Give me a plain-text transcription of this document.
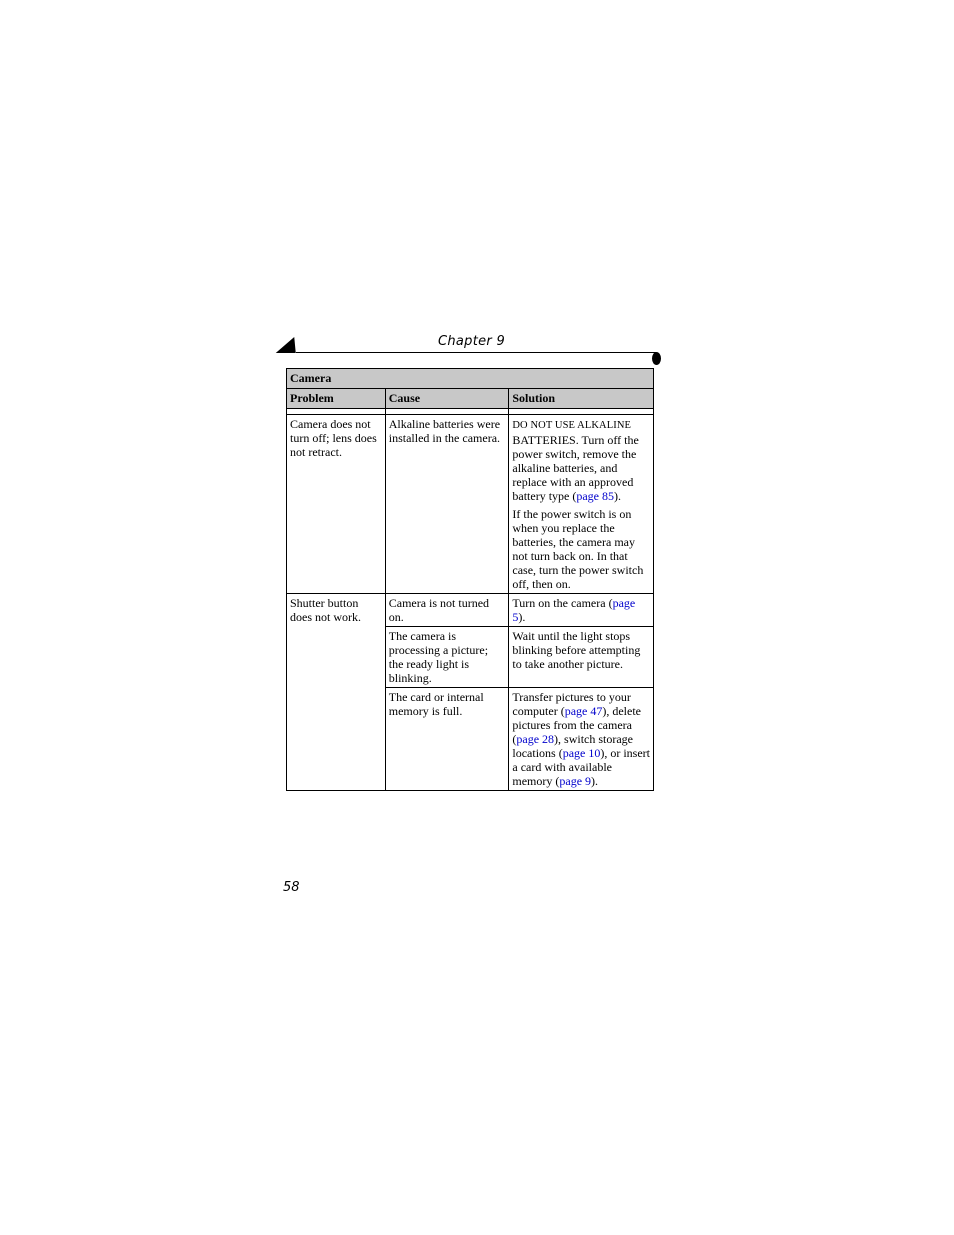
Chapter 9
Camera		
Problem	Cause	Solution

Camera does not turn off; lens does not retract.	Alkaline batteries were installed in the camera.	DO NOT USE ALKALINE BATTERIES. Turn off the power switch, remove the alkaline batteries, and replace with an approved battery type (page 85).

If the power switch is on when you replace the batteries, the camera may not turn back on. In that case, turn the power switch off, then on.

Shutter button does not work.	Camera is not turned on.	Turn on the camera (page 5).
	The camera is processing a picture; the ready light is blinking.	Wait until the light stops blinking before attempting to take another picture.
	The card or internal memory is full.	Transfer pictures to your computer (page 47), delete pictures from the camera (page 28), switch storage locations (page 10), or insert a card with available memory (page 9).
58
